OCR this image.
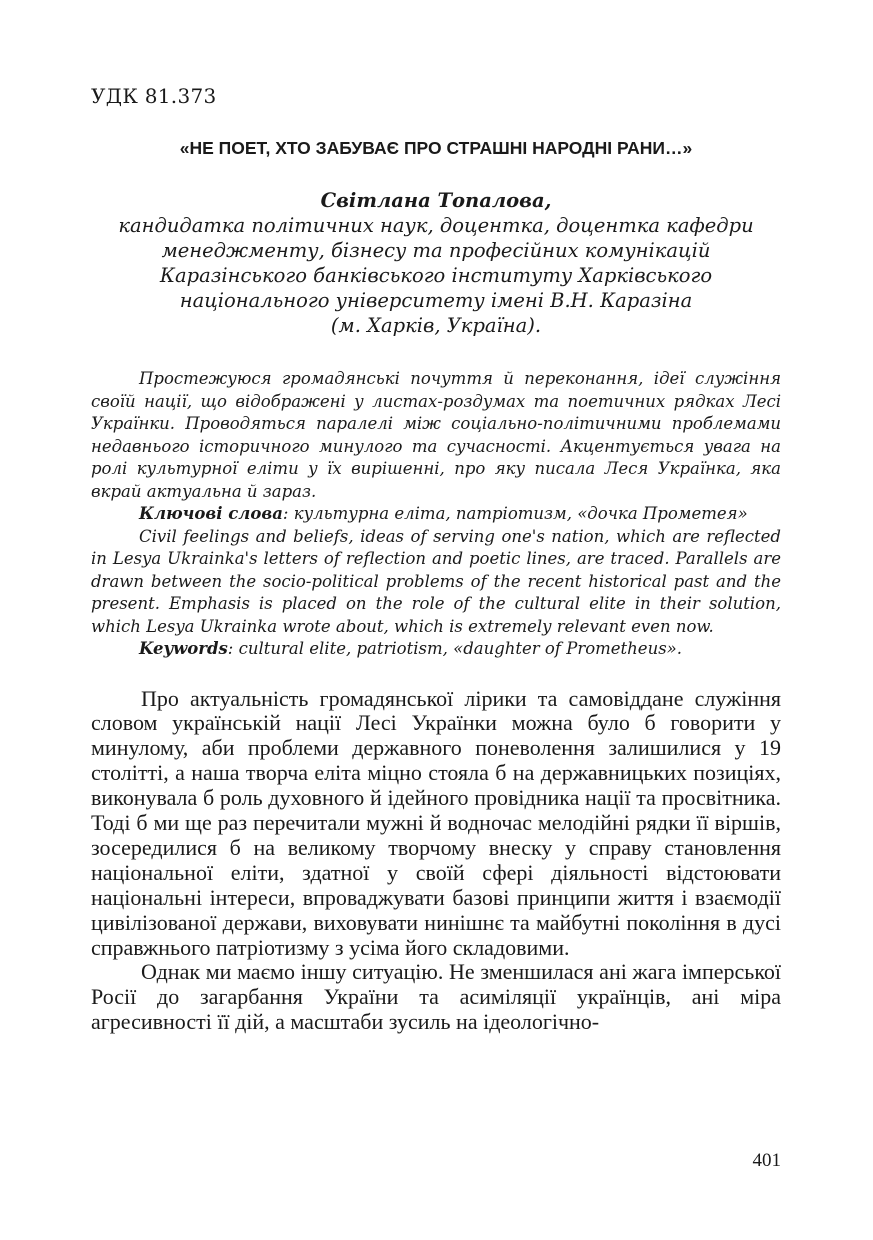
УДК 81.373

«НЕ ПОЕТ, ХТО ЗАБУВАЄ ПРО СТРАШНІ НАРОДНІ РАНИ…»
Світлана Топалова,
кандидатка політичних наук, доцентка, доцентка кафедри
менеджменту, бізнесу та професійних комунікацій
Каразінського банківського інституту Харківського
національного університету імені В.Н. Каразіна
(м. Харків, Україна).

Простежуюся громадянські почуття й переконання, ідеї служіння своїй нації, що відображені у листах-роздумах та поетичних рядках Лесі Українки. Проводяться паралелі між соціально-політичними проблемами недавнього історичного минулого та сучасності. Акцентується увага на ролі культурної еліти у їх вирішенні, про яку писала Леся Українка, яка вкрай актуальна й зараз.

Ключові слова: культурна еліта, патріотизм, «дочка Прометея»

Civil feelings and beliefs, ideas of serving one's nation, which are reflected in Lesya Ukrainka's letters of reflection and poetic lines, are traced. Parallels are drawn between the socio-political problems of the recent historical past and the present. Emphasis is placed on the role of the cultural elite in their solution, which Lesya Ukrainka wrote about, which is extremely relevant even now.

Keywords: cultural elite, patriotism, «daughter of Prometheus».

Про актуальність громадянської лірики та самовіддане служіння словом українській нації Лесі Українки можна було б говорити у минулому, аби проблеми державного поневолення залишилися у 19 столітті, а наша творча еліта міцно стояла б на державницьких позиціях, виконувала б роль духовного й ідейного провідника нації та просвітника. Тоді б ми ще раз перечитали мужні й водночас мелодійні рядки її віршів, зосередилися б на великому творчому внеску у справу становлення національної еліти, здатної у своїй сфері діяльності відстоювати національні інтереси, впроваджувати базові принципи життя і взаємодії цивілізованої держави, виховувати нинішнє та майбутні покоління в дусі справжнього патріотизму з усіма його складовими.

Однак ми маємо іншу ситуацію. Не зменшилася ані жага імперської Росії до загарбання України та асиміляції українців, ані міра агресивності її дій, а масштаби зусиль на ідеологічно-

401
